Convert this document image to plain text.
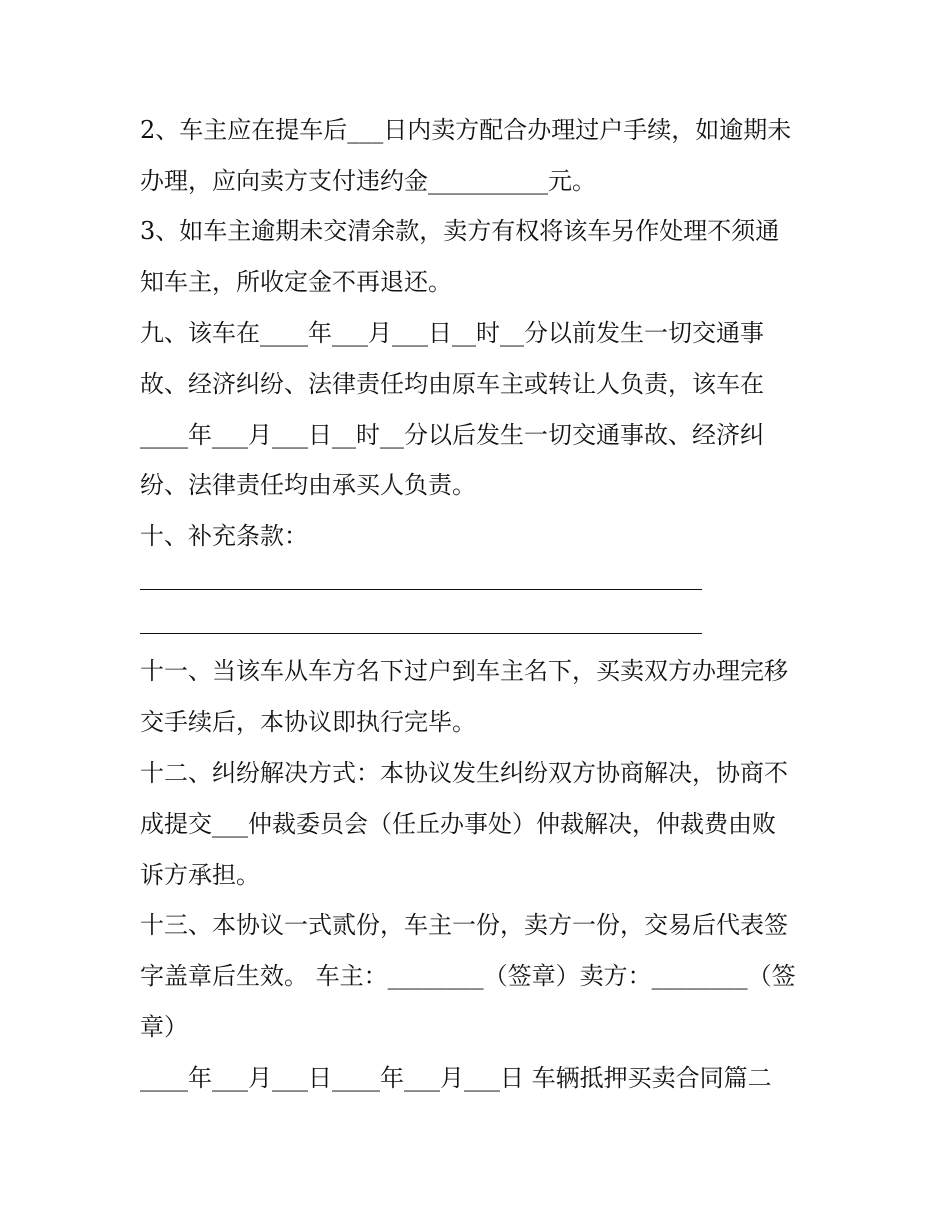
2、车主应在提车后___日内卖方配合办理过户手续，如逾期未
办理，应向卖方支付违约金__________元。
3、如车主逾期未交清余款，卖方有权将该车另作处理不须通
知车主，所收定金不再退还。
九、该车在____年___月___日__时__分以前发生一切交通事
故、经济纠纷、法律责任均由原车主或转让人负责，该车在
____年___月___日__时__分以后发生一切交通事故、经济纠
纷、法律责任均由承买人负责。
十、补充条款：
十一、当该车从车方名下过户到车主名下，买卖双方办理完移
交手续后，本协议即执行完毕。
十二、纠纷解决方式：本协议发生纠纷双方协商解决，协商不
成提交___仲裁委员会（任丘办事处）仲裁解决，仲裁费由败
诉方承担。
十三、本协议一式贰份，车主一份，卖方一份，交易后代表签
字盖章后生效。 车主：________（签章）卖方：________（签
章）
____年___月___日____年___月___日 车辆抵押买卖合同篇二
